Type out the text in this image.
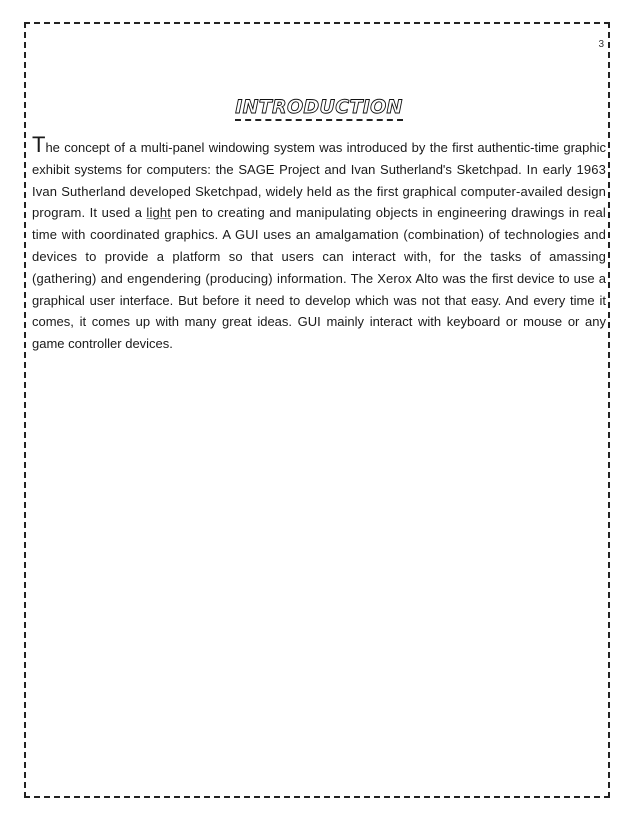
3
INTRODUCTION

The concept of a multi-panel windowing system was introduced by the first authentic-time graphic exhibit systems for computers: the SAGE Project and Ivan Sutherland's Sketchpad. In early 1963 Ivan Sutherland developed Sketchpad, widely held as the first graphical computer-availed design program. It used a light pen to creating and manipulating objects in engineering drawings in real time with coordinated graphics. A GUI uses an amalgamation (combination) of technologies and devices to provide a platform so that users can interact with, for the tasks of amassing (gathering) and engendering (producing) information. The Xerox Alto was the first device to use a graphical user interface. But before it need to develop which was not that easy. And every time it comes, it comes up with many great ideas. GUI mainly interact with keyboard or mouse or any game controller devices.
